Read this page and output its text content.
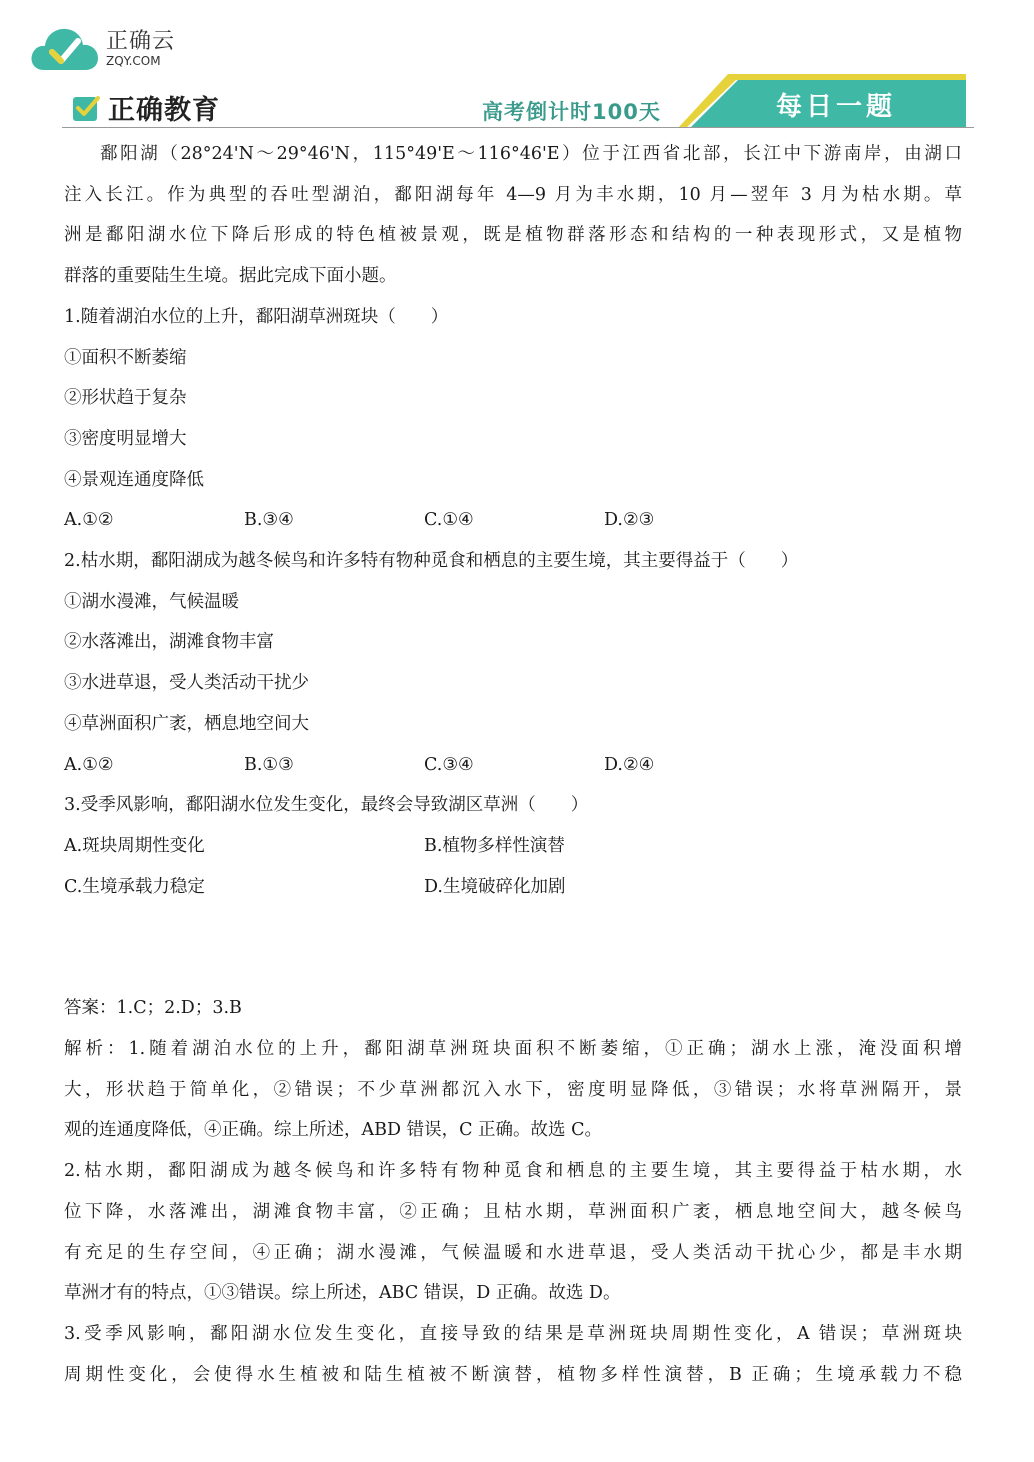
正确云
ZQY.COM
正确教育	高考倒计时100天	每日一题

鄱阳湖（28°24'N～29°46'N，115°49'E～116°46'E）位于江西省北部，长江中下游南岸，由湖口

注入长江。作为典型的吞吐型湖泊，鄱阳湖每年 4—9 月为丰水期，10 月—翌年 3 月为枯水期。草

洲是鄱阳湖水位下降后形成的特色植被景观，既是植物群落形态和结构的一种表现形式，又是植物

群落的重要陆生生境。据此完成下面小题。

1.随着湖泊水位的上升，鄱阳湖草洲斑块（　　）

①面积不断萎缩

②形状趋于复杂

③密度明显增大

④景观连通度降低

A.①②	B.③④	C.①④	D.②③

2.枯水期，鄱阳湖成为越冬候鸟和许多特有物种觅食和栖息的主要生境，其主要得益于（　　）

①湖水漫滩，气候温暖

②水落滩出，湖滩食物丰富

③水进草退，受人类活动干扰少

④草洲面积广袤，栖息地空间大

A.①②	B.①③	C.③④	D.②④

3.受季风影响，鄱阳湖水位发生变化，最终会导致湖区草洲（　　）

A.斑块周期性变化	B.植物多样性演替
C.生境承载力稳定	D.生境破碎化加剧

答案：1.C；2.D；3.B

解析：1.随着湖泊水位的上升，鄱阳湖草洲斑块面积不断萎缩，①正确；湖水上涨，淹没面积增

大，形状趋于简单化，②错误；不少草洲都沉入水下，密度明显降低，③错误；水将草洲隔开，景

观的连通度降低，④正确。综上所述，ABD 错误，C 正确。故选 C。

2.枯水期，鄱阳湖成为越冬候鸟和许多特有物种觅食和栖息的主要生境，其主要得益于枯水期，水

位下降，水落滩出，湖滩食物丰富，②正确；且枯水期，草洲面积广袤，栖息地空间大，越冬候鸟

有充足的生存空间，④正确；湖水漫滩，气候温暖和水进草退，受人类活动干扰心少，都是丰水期

草洲才有的特点，①③错误。综上所述，ABC 错误，D 正确。故选 D。

3.受季风影响，鄱阳湖水位发生变化，直接导致的结果是草洲斑块周期性变化，A 错误；草洲斑块

周期性变化，会使得水生植被和陆生植被不断演替，植物多样性演替，B 正确；生境承载力不稳
